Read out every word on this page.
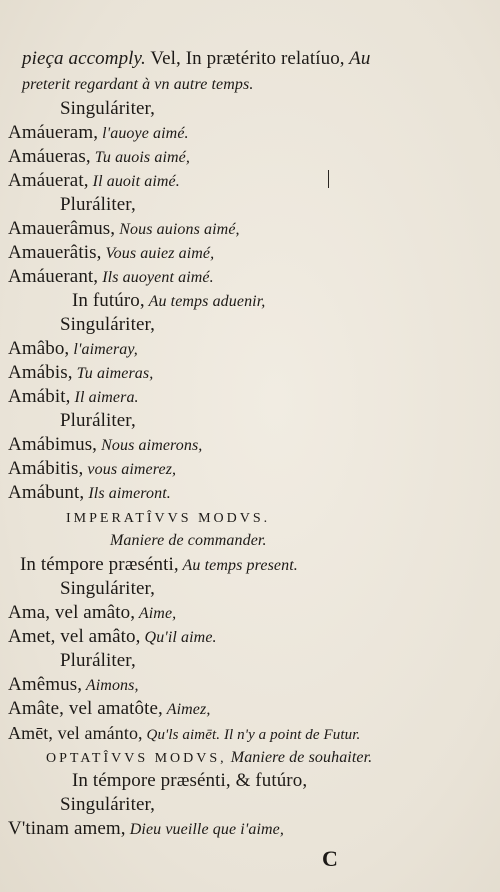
pieça accomply. Vel, In prætérito relatíuo, Au
preterit regardant à vn autre temps.
Singuláriter,
Amáueram, l'auoye aimé.
Amáueras, Tu auois aimé,
Amáuerat, Il auoit aimé.
Pluráliter,
Amauerâmus, Nous auions aimé,
Amauerâtis, Vous auiez aimé,
Amáuerant, Ils auoyent aimé.
In futúro, Au temps aduenir,
Singuláriter,
Amâbo, l'aimeray,
Amábis, Tu aimeras,
Amábit, Il aimera.
Pluráliter,
Amábimus, Nous aimerons,
Amábitis, vous aimerez,
Amábunt, Ils aimeront.
IMPERATÎVVS MODVS.
Maniere de commander.
In témpore præsénti, Au temps present.
Singuláriter,
Ama, vel amâto, Aime,
Amet, vel amâto, Qu'il aime.
Pluráliter,
Amêmus, Aimons,
Amâte, vel amatôte, Aimez,
Amēt, vel amánto, Qu'ls aimēt. Il n'y a point de Futur.
OPTATÎVVS MODVS, Maniere de souhaiter.
In témpore præsénti, & futúro,
Singuláriter,
V'tinam amem, Dieu vueille que i'aime,
C
